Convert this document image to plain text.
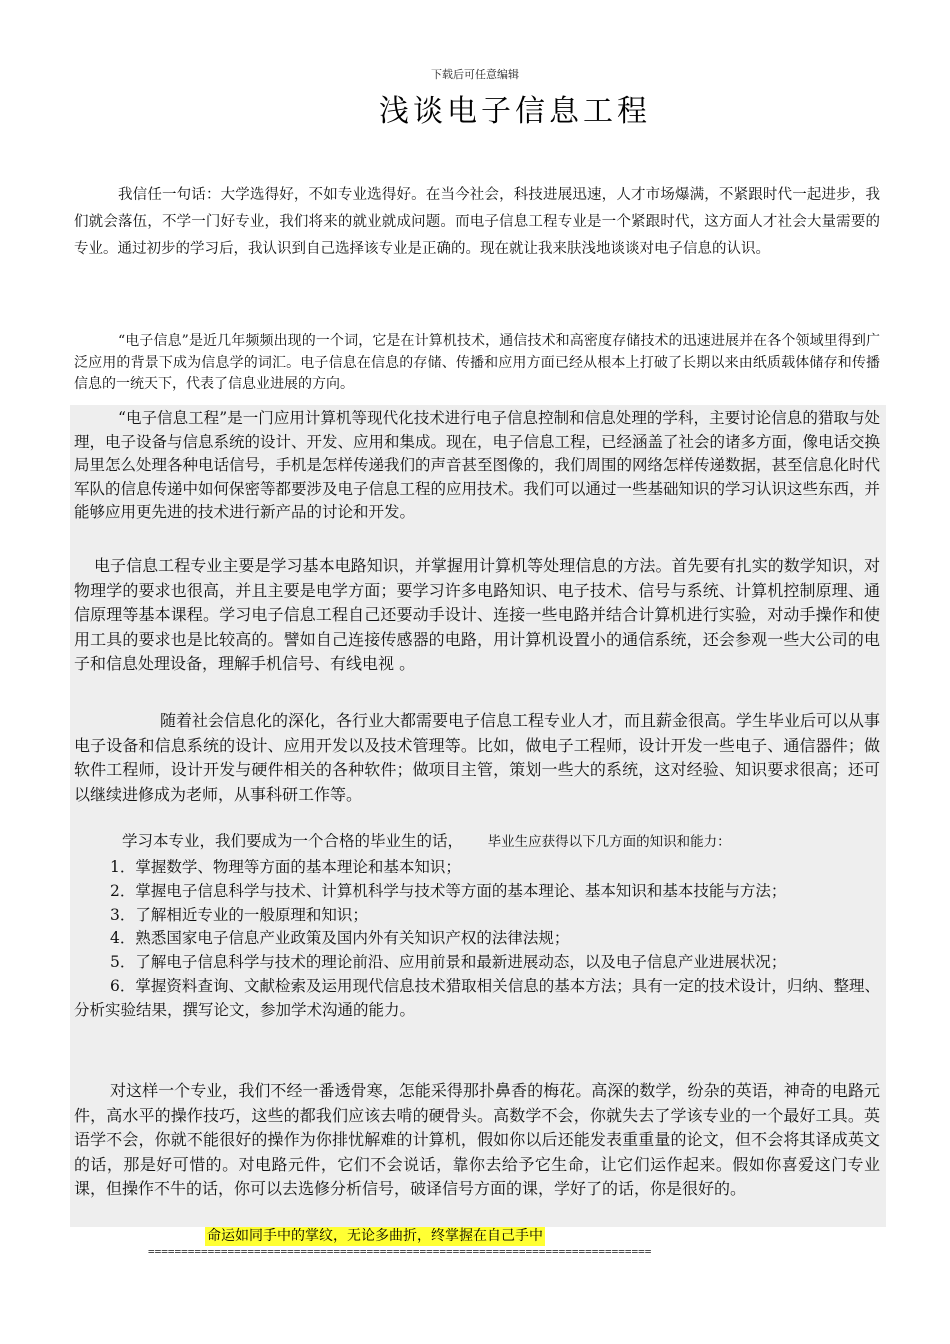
下载后可任意编辑
浅谈电子信息工程
我信任一句话：大学选得好，不如专业选得好。在当今社会，科技进展迅速，人才市场爆满，不紧跟时代一起进步，我们就会落伍，不学一门好专业，我们将来的就业就成问题。而电子信息工程专业是一个紧跟时代，这方面人才社会大量需要的专业。通过初步的学习后，我认识到自己选择该专业是正确的。现在就让我来肤浅地谈谈对电子信息的认识。
“电子信息”是近几年频频出现的一个词，它是在计算机技术，通信技术和高密度存储技术的迅速进展并在各个领域里得到广泛应用的背景下成为信息学的词汇。电子信息在信息的存储、传播和应用方面已经从根本上打破了长期以来由纸质载体储存和传播信息的一统天下，代表了信息业进展的方向。
“电子信息工程”是一门应用计算机等现代化技术进行电子信息控制和信息处理的学科，主要讨论信息的猎取与处理，电子设备与信息系统的设计、开发、应用和集成。现在，电子信息工程，已经涵盖了社会的诸多方面，像电话交换局里怎么处理各种电话信号，手机是怎样传递我们的声音甚至图像的，我们周围的网络怎样传递数据，甚至信息化时代军队的信息传递中如何保密等都要涉及电子信息工程的应用技术。我们可以通过一些基础知识的学习认识这些东西，并能够应用更先进的技术进行新产品的讨论和开发。
电子信息工程专业主要是学习基本电路知识，并掌握用计算机等处理信息的方法。首先要有扎实的数学知识，对物理学的要求也很高，并且主要是电学方面；要学习许多电路知识、电子技术、信号与系统、计算机控制原理、通信原理等基本课程。学习电子信息工程自己还要动手设计、连接一些电路并结合计算机进行实验，对动手操作和使用工具的要求也是比较高的。譬如自己连接传感器的电路，用计算机设置小的通信系统，还会参观一些大公司的电子和信息处理设备，理解手机信号、有线电视 。
随着社会信息化的深化，各行业大都需要电子信息工程专业人才，而且薪金很高。学生毕业后可以从事电子设备和信息系统的设计、应用开发以及技术管理等。比如，做电子工程师，设计开发一些电子、通信器件；做软件工程师，设计开发与硬件相关的各种软件；做项目主管，策划一些大的系统，这对经验、知识要求很高；还可以继续进修成为老师，从事科研工作等。
学习本专业，我们要成为一个合格的毕业生的话， 毕业生应获得以下几方面的知识和能力：
1．掌握数学、物理等方面的基本理论和基本知识；
2．掌握电子信息科学与技术、计算机科学与技术等方面的基本理论、基本知识和基本技能与方法；
3．了解相近专业的一般原理和知识；
4．熟悉国家电子信息产业政策及国内外有关知识产权的法律法规；
5．了解电子信息科学与技术的理论前沿、应用前景和最新进展动态，以及电子信息产业进展状况；
6．掌握资料查询、文献检索及运用现代信息技术猎取相关信息的基本方法；具有一定的技术设计，归纳、整理、分析实验结果，撰写论文，参加学术沟通的能力。
对这样一个专业，我们不经一番透骨寒，怎能采得那扑鼻香的梅花。高深的数学，纷杂的英语，神奇的电路元件，高水平的操作技巧，这些的都我们应该去啃的硬骨头。高数学不会，你就失去了学该专业的一个最好工具。英语学不会，你就不能很好的操作为你排忧解难的计算机，假如你以后还能发表重重量的论文，但不会将其译成英文的话，那是好可惜的。对电路元件，它们不会说话，靠你去给予它生命，让它们运作起来。假如你喜爱这门专业课，但操作不牛的话，你可以去选修分析信号，破译信号方面的课，学好了的话，你是很好的。
命运如同手中的掌纹，无论多曲折，终掌握在自己手中
============================================================================
